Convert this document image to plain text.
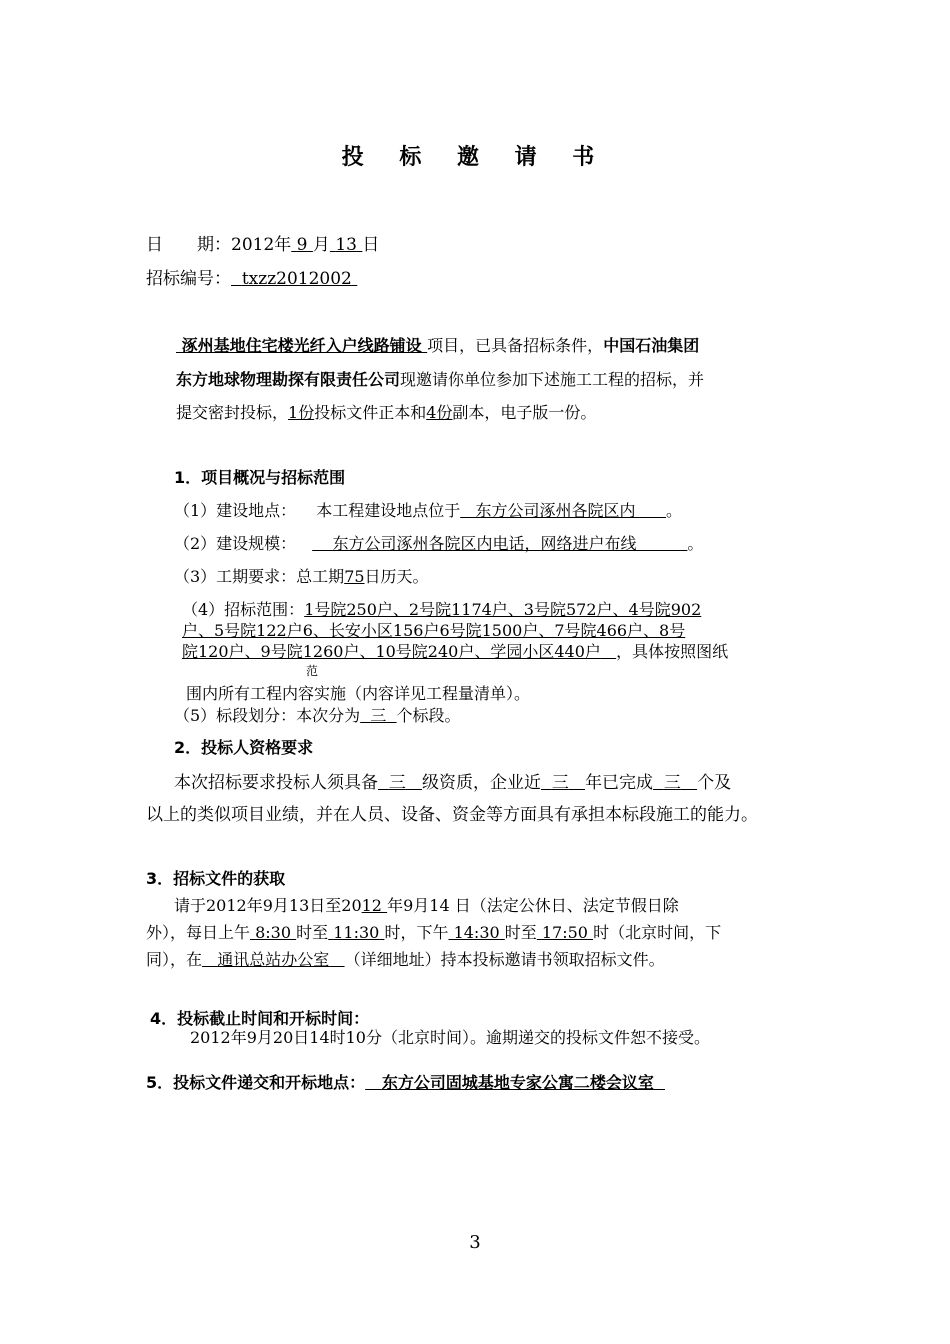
投 标 邀 请 书
日　　期：2012年 9 月 13 日
招标编号： txzz2012002
涿州基地住宅楼光纤入户线路铺设 项目，已具备招标条件，中国石油集团
东方地球物理勘探有限责任公司现邀请你单位参加下述施工工程的招标，并
提交密封投标，1份投标文件正本和4份副本，电子版一份。
1．项目概况与招标范围
（1）建设地点： 本工程建设地点位于 东方公司涿州各院区内 。
（2）建设规模： 东方公司涿州各院区内电话，网络进户布线	。
（3）工期要求：总工期75日历天。
（4）招标范围：1号院250户、2号院1174户、3号院572户、4号院902
户、5号院122户6、长安小区156户6号院1500户、7号院466户、8号
院120户、9号院1260户、10号院240户、学园小区440户 ，具体按照图纸
范
围内所有工程内容实施（内容详见工程量清单）。
（5）标段划分：本次分为 三 个标段。
2．投标人资格要求
本次招标要求投标人须具备 三 级资质，企业近 三 年已完成 三 个及
以上的类似项目业绩，并在人员、设备、资金等方面具有承担本标段施工的能力。
3．招标文件的获取
请于2012年9月13日至2012 年9月14 日（法定公休日、法定节假日除
外），每日上午 8:30 时至 11:30 时，下午 14:30 时至 17:50 时（北京时间，下
同），在 通讯总站办公室 （详细地址）持本投标邀请书领取招标文件。
4．投标截止时间和开标时间：
2012年9月20日14时10分（北京时间）。逾期递交的投标文件恕不接受。
5．投标文件递交和开标地点： 东方公司固城基地专家公寓二楼会议室
3
